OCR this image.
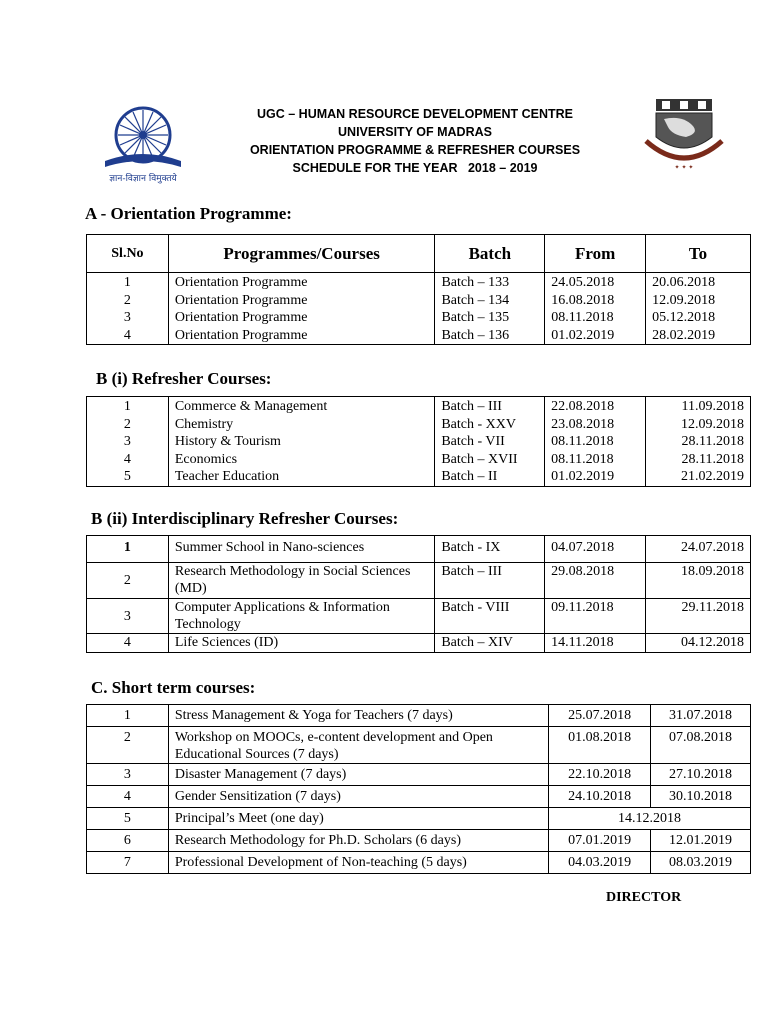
ज्ञान-विज्ञान विमुक्तये
UGC – HUMAN RESOURCE DEVELOPMENT CENTRE
UNIVERSITY OF MADRAS
ORIENTATION PROGRAMME & REFRESHER COURSES
SCHEDULE FOR THE YEAR   2018 – 2019	✦ ✦ ✦
A - Orientation Programme:
Sl.No	Programmes/Courses	Batch	From	To
1	Orientation Programme	Batch – 133	24.05.2018	20.06.2018
2	Orientation Programme	Batch – 134	16.08.2018	12.09.2018
3	Orientation Programme	Batch – 135	08.11.2018	05.12.2018
4	Orientation Programme	Batch – 136	01.02.2019	28.02.2019
B (i) Refresher Courses:
1	Commerce & Management	Batch – III	22.08.2018	11.09.2018
2	Chemistry	Batch - XXV	23.08.2018	12.09.2018
3	History & Tourism	Batch - VII	08.11.2018	28.11.2018
4	Economics	Batch – XVII	08.11.2018	28.11.2018
5	Teacher Education	Batch – II	01.02.2019	21.02.2019
B (ii) Interdisciplinary Refresher Courses:
1	Summer School in Nano-sciences	Batch - IX	04.07.2018	24.07.2018
2	Research Methodology in Social Sciences (MD)	Batch – III	29.08.2018	18.09.2018
3	Computer Applications & Information Technology	Batch - VIII	09.11.2018	29.11.2018
4	Life Sciences (ID)	Batch – XIV	14.11.2018	04.12.2018
C. Short term courses:
1	Stress Management & Yoga for Teachers (7 days)	25.07.2018	31.07.2018
2	Workshop on MOOCs, e-content development and Open Educational Sources (7 days)	01.08.2018	07.08.2018
3	Disaster Management (7 days)	22.10.2018	27.10.2018
4	Gender Sensitization (7 days)	24.10.2018	30.10.2018
5	Principal’s Meet (one day)	14.12.2018	
6	Research Methodology for Ph.D. Scholars (6 days)	07.01.2019	12.01.2019
7	Professional Development of Non-teaching (5 days)	04.03.2019	08.03.2019
DIRECTOR
